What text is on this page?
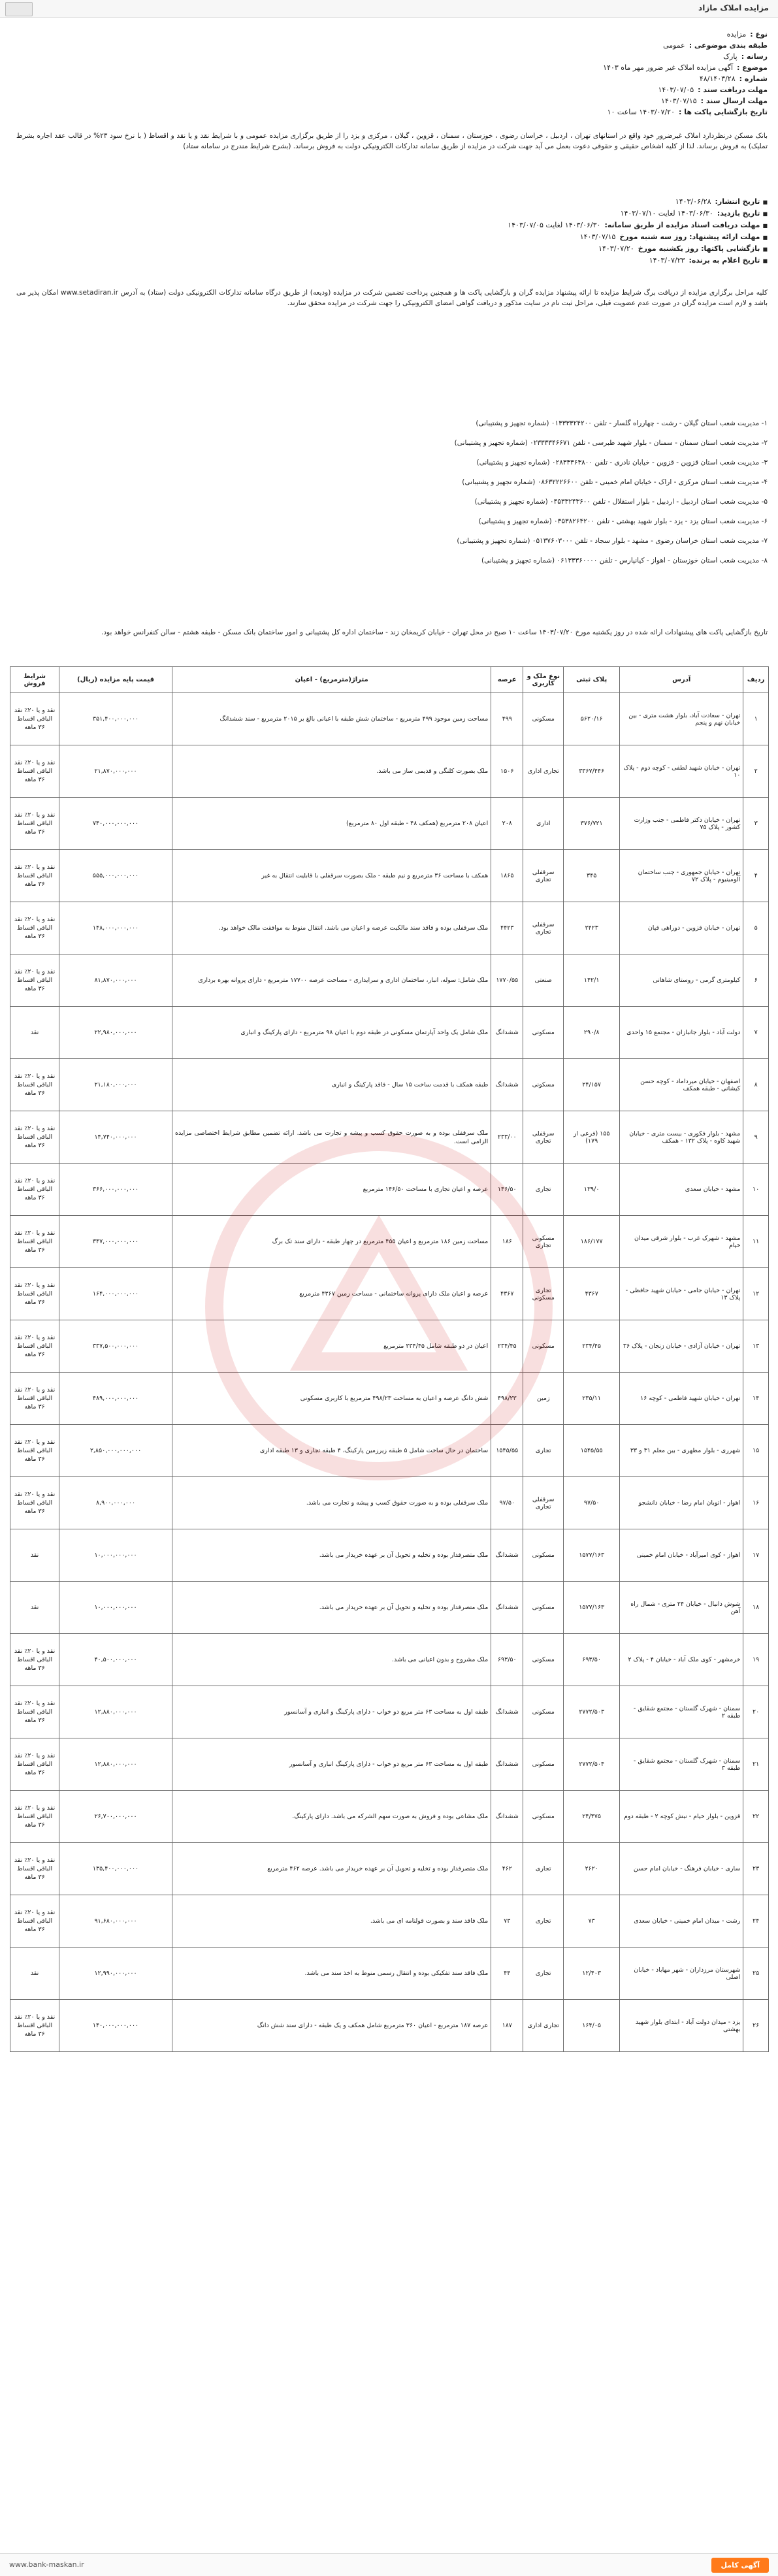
مزایده املاک مازاد
نوع :
مزایده
طبقه بندی موضوعی :
عمومی
رسانه :
پارک
موضوع :
آگهی مزایده املاک غیر ضرور مهر ماه ۱۴۰۳
شماره :
۴۸/۱۴۰۳/۲۸
مهلت دریافت سند :
۱۴۰۳/۰۷/۰۵
مهلت ارسال سند :
۱۴۰۳/۰۷/۱۵
تاریخ بازگشایی پاکت ها :
۱۴۰۳/۰۷/۲۰ ساعت ۱۰
بانک مسکن درنظردارد املاک غیرضرور خود واقع در استانهای تهران ، اردبیل ، خراسان رضوی ، خوزستان ، سمنان ، قزوین ، گیلان ، مرکزی و یزد را از طریق برگزاری مزایده عمومی و با شرایط نقد و یا نقد و اقساط ( با نرخ سود ۲۳% در قالب عقد اجاره بشرط تملیک) به فروش برساند. لذا از کلیه اشخاص حقیقی و حقوقی دعوت بعمل می آید جهت شرکت در مزایده از طریق سامانه تدارکات الکترونیکی دولت به فروش برساند. (بشرح شرایط مندرج در سامانه ستاد)
■ تاریخ انتشار:
۱۴۰۳/۰۶/۲۸
■ تاریخ بازدید:
۱۴۰۳/۰۶/۳۰ لغایت ۱۴۰۳/۰۷/۱۰
■ مهلت دریافت اسناد مزایده از طریق سامانه:
۱۴۰۳/۰۶/۳۰ لغایت ۱۴۰۳/۰۷/۰۵
■ مهلت ارائه پیشنهاد: روز سه شنبه مورخ
۱۴۰۳/۰۷/۱۵
■ بازگشایی پاکتها: روز یکشنبه مورخ
۱۴۰۳/۰۷/۲۰
■ تاریخ اعلام به برنده:
۱۴۰۳/۰۷/۲۳
کلیه مراحل برگزاری مزایده از دریافت برگ شرایط مزایده تا ارائه پیشنهاد مزایده گران و بازگشایی پاکت ها و همچنین پرداخت تضمین شرکت در مزایده (ودیعه) از طریق درگاه سامانه تدارکات الکترونیکی دولت (ستاد) به آدرس www.setadiran.ir امکان پذیر می باشد و لازم است مزایده گران در صورت عدم عضویت قبلی، مراحل ثبت نام در سایت مذکور و دریافت گواهی امضای الکترونیکی را جهت شرکت در مزایده محقق سازند.
۱- مدیریت شعب استان گیلان - رشت - چهارراه گلسار - تلفن ۰۱۳۳۳۳۲۴۲۰۰ (شماره تجهیز و پشتیبانی)
۲- مدیریت شعب استان سمنان - سمنان - بلوار شهید طبرسی - تلفن ۰۲۳۳۳۳۴۶۶۷۱ (شماره تجهیز و پشتیبانی)
۳- مدیریت شعب استان قزوین - قزوین - خیابان نادری - تلفن ۰۲۸۳۳۳۶۳۸۰۰ (شماره تجهیز و پشتیبانی)
۴- مدیریت شعب استان مرکزی - اراک - خیابان امام خمینی - تلفن ۰۸۶۳۲۲۲۶۶۰۰ (شماره تجهیز و پشتیبانی)
۵- مدیریت شعب استان اردبیل - اردبیل - بلوار استقلال - تلفن ۰۴۵۳۳۲۴۳۶۰۰ (شماره تجهیز و پشتیبانی)
۶- مدیریت شعب استان یزد - یزد - بلوار شهید بهشتی - تلفن ۰۳۵۳۸۲۶۴۲۰۰ (شماره تجهیز و پشتیبانی)
۷- مدیریت شعب استان خراسان رضوی - مشهد - بلوار سجاد - تلفن ۰۵۱۳۷۶۰۳۰۰۰ (شماره تجهیز و پشتیبانی)
۸- مدیریت شعب استان خوزستان - اهواز - کیانپارس - تلفن ۰۶۱۳۳۳۶۰۰۰۰ (شماره تجهیز و پشتیبانی)
تاریخ بازگشایی پاکت های پیشنهادات ارائه شده در روز یکشنبه مورخ ۱۴۰۳/۰۷/۲۰ ساعت ۱۰ صبح در محل تهران - خیابان کریمخان زند - ساختمان اداره کل پشتیبانی و امور ساختمان بانک مسکن - طبقه هشتم - سالن کنفرانس خواهد بود.
ردیف	آدرس	پلاک ثبتی	نوع ملک و کاربری	عرصه	متراژ(مترمربع) - اعیان	قیمت پایه مزایده (ریال)	شرایط فروش
۱	تهران - سعادت آباد، بلوار هشت متری - بین خیابان نهم و پنجم	۵۶۲۰/۱۶	مسکونی	۴۹۹	مساحت زمین موجود ۴۹۹ مترمربع - ساختمان شش طبقه با اعیانی بالغ بر ۲۰۱۵ مترمربع - سند ششدانگ	۳۵۱,۴۰۰,۰۰۰,۰۰۰	نقد و یا ۲۰٪ نقد الباقی اقساط ۳۶ ماهه
۲	تهران - خیابان شهید لطفی - کوچه دوم - پلاک ۱۰	۳۳۶۷/۴۴۶	تجاری اداری	۱۵۰۶	ملک بصورت کلنگی و قدیمی ساز می باشد.	۲۱,۸۷۰,۰۰۰,۰۰۰	نقد و یا ۲۰٪ نقد الباقی اقساط ۳۶ ماهه
۳	تهران - خیابان دکتر فاطمی - جنب وزارت کشور - پلاک ۷۵	۳۷۶/۷۲۱	اداری	۲۰۸	اعیان ۲۰۸ مترمربع (همکف ۴۸ - طبقه اول ۸۰ مترمربع)	۷۴۰,۰۰۰,۰۰۰,۰۰۰	نقد و یا ۲۰٪ نقد الباقی اقساط ۳۶ ماهه
۴	تهران - خیابان جمهوری - جنب ساختمان آلومینیوم - پلاک ۷۲	۳۴۵	سرقفلی تجاری	۱۸۶۵	همکف با مساحت ۳۶ مترمربع و نیم طبقه - ملک بصورت سرقفلی با قابلیت انتقال به غیر	۵۵۵,۰۰۰,۰۰۰,۰۰۰	نقد و یا ۲۰٪ نقد الباقی اقساط ۳۶ ماهه
۵	تهران - خیابان قزوین - دوراهی قپان	۲۴۲۳	سرقفلی تجاری	۴۴۲۳	ملک سرقفلی بوده و فاقد سند مالکیت عرصه و اعیان می باشد. انتقال منوط به موافقت مالک خواهد بود.	۱۴۸,۰۰۰,۰۰۰,۰۰۰	نقد و یا ۲۰٪ نقد الباقی اقساط ۳۶ ماهه
۶	کیلومتری گرمی - روستای شاهانی	۱۴۲/۱	صنعتی	۱۷۷۰/۵۵	ملک شامل: سوله، انبار، ساختمان اداری و سرایداری - مساحت عرصه ۱۷۷۰۰ مترمربع - دارای پروانه بهره برداری	۸۱,۸۷۰,۰۰۰,۰۰۰	نقد و یا ۲۰٪ نقد الباقی اقساط ۳۶ ماهه
۷	دولت آباد - بلوار جانبازان - مجتمع ۱۵ واحدی	۲۹۰/۸	مسکونی	ششدانگ	ملک شامل یک واحد آپارتمان مسکونی در طبقه دوم با اعیان ۹۸ مترمربع - دارای پارکینگ و انباری	۲۲,۹۸۰,۰۰۰,۰۰۰	نقد
۸	اصفهان - خیابان میرداماد - کوچه حسن کیشانی - طبقه همکف	۲۴/۱۵۷	مسکونی	ششدانگ	طبقه همکف با قدمت ساخت ۱۵ سال - فاقد پارکینگ و انباری	۲۱,۱۸۰,۰۰۰,۰۰۰	نقد و یا ۲۰٪ نقد الباقی اقساط ۳۶ ماهه
۹	مشهد - بلوار فکوری - بیست متری - خیابان شهید کاوه - پلاک ۱۳۲ - همکف	۱۵۵ (فرعی از ۱۷۹)	سرقفلی تجاری	۲۳۳/۰۰	ملک سرقفلی بوده و به صورت حقوق کسب و پیشه و تجارت می باشد. ارائه تضمین مطابق شرایط اختصاصی مزایده الزامی است.	۱۴,۷۴۰,۰۰۰,۰۰۰	نقد و یا ۲۰٪ نقد الباقی اقساط ۳۶ ماهه
۱۰	مشهد - خیابان سعدی	۱۳۹/۰	تجاری	۱۴۶/۵۰	عرصه و اعیان تجاری با مساحت ۱۴۶/۵۰ مترمربع	۳۶۶,۰۰۰,۰۰۰,۰۰۰	نقد و یا ۲۰٪ نقد الباقی اقساط ۳۶ ماهه
۱۱	مشهد - شهرک غرب - بلوار شرقی میدان خیام	۱۸۶/۱۷۷	مسکونی تجاری	۱۸۶	مساحت زمین ۱۸۶ مترمربع و اعیان ۴۵۵ مترمربع در چهار طبقه - دارای سند تک برگ	۳۴۷,۰۰۰,۰۰۰,۰۰۰	نقد و یا ۲۰٪ نقد الباقی اقساط ۳۶ ماهه
۱۲	تهران - خیابان جامی - خیابان شهید حافظی - پلاک ۱۳	۴۳۶۷	تجاری مسکونی	۴۳۶۷	عرصه و اعیان ملک دارای پروانه ساختمانی - مساحت زمین ۴۳۶۷ مترمربع	۱۶۴,۰۰۰,۰۰۰,۰۰۰	نقد و یا ۲۰٪ نقد الباقی اقساط ۳۶ ماهه
۱۳	تهران - خیابان آزادی - خیابان زنجان - پلاک ۳۶	۲۳۴/۴۵	مسکونی	۲۳۴/۴۵	اعیان در دو طبقه شامل ۲۳۴/۴۵ مترمربع	۳۳۷,۵۰۰,۰۰۰,۰۰۰	نقد و یا ۲۰٪ نقد الباقی اقساط ۳۶ ماهه
۱۴	تهران - خیابان شهید فاطمی - کوچه ۱۶	۲۳۵/۱۱	زمین	۴۹۸/۲۳	شش دانگ عرصه و اعیان به مساحت ۴۹۸/۲۳ مترمربع با کاربری مسکونی	۴۸۹,۰۰۰,۰۰۰,۰۰۰	نقد و یا ۲۰٪ نقد الباقی اقساط ۳۶ ماهه
۱۵	شهرری - بلوار مطهری - بین معلم ۳۱ و ۳۳	۱۵۴۵/۵۵	تجاری	۱۵۴۵/۵۵	ساختمان در حال ساخت شامل ۵ طبقه زیرزمین پارکینگ، ۴ طبقه تجاری و ۱۳ طبقه اداری	۲,۸۵۰,۰۰۰,۰۰۰,۰۰۰	نقد و یا ۲۰٪ نقد الباقی اقساط ۳۶ ماهه
۱۶	اهواز - اتوبان امام رضا - خیابان دانشجو	۹۷/۵۰	سرقفلی تجاری	۹۷/۵۰	ملک سرقفلی بوده و به صورت حقوق کسب و پیشه و تجارت می باشد.	۸,۹۰۰,۰۰۰,۰۰۰	نقد و یا ۲۰٪ نقد الباقی اقساط ۳۶ ماهه
۱۷	اهواز - کوی امیرآباد - خیابان امام خمینی	۱۵۷۷/۱۶۳	مسکونی	ششدانگ	ملک متصرفدار بوده و تخلیه و تحویل آن بر عهده خریدار می باشد.	۱۰,۰۰۰,۰۰۰,۰۰۰	نقد
۱۸	شوش دانیال - خیابان ۲۴ متری - شمال راه آهن	۱۵۷۷/۱۶۳	مسکونی	ششدانگ	ملک متصرفدار بوده و تخلیه و تحویل آن بر عهده خریدار می باشد.	۱۰,۰۰۰,۰۰۰,۰۰۰	نقد
۱۹	خرمشهر - کوی ملک آباد - خیابان ۴ - پلاک ۲	۶۹۳/۵۰	مسکونی	۶۹۳/۵۰	ملک مشروح و بدون اعیانی می باشد.	۴۰,۵۰۰,۰۰۰,۰۰۰	نقد و یا ۲۰٪ نقد الباقی اقساط ۳۶ ماهه
۲۰	سمنان - شهرک گلستان - مجتمع شقایق - طبقه ۲	۲۷۷۲/۵۰۳	مسکونی	ششدانگ	طبقه اول به مساحت ۶۳ متر مربع دو خواب - دارای پارکینگ و انباری و آسانسور	۱۲,۸۸۰,۰۰۰,۰۰۰	نقد و یا ۲۰٪ نقد الباقی اقساط ۳۶ ماهه
۲۱	سمنان - شهرک گلستان - مجتمع شقایق - طبقه ۳	۲۷۷۲/۵۰۴	مسکونی	ششدانگ	طبقه اول به مساحت ۶۳ متر مربع دو خواب - دارای پارکینگ انباری و آسانسور	۱۲,۸۸۰,۰۰۰,۰۰۰	نقد و یا ۲۰٪ نقد الباقی اقساط ۳۶ ماهه
۲۲	قزوین - بلوار خیام - نبش کوچه ۲ - طبقه دوم	۲۴/۴۷۵	مسکونی	ششدانگ	ملک مشاعی بوده و فروش به صورت سهم الشرکه می باشد. دارای پارکینگ.	۲۶,۷۰۰,۰۰۰,۰۰۰	نقد و یا ۲۰٪ نقد الباقی اقساط ۳۶ ماهه
۲۳	ساری - خیابان فرهنگ - خیابان امام حسن	۲۶۲۰	تجاری	۴۶۲	ملک متصرفدار بوده و تخلیه و تحویل آن بر عهده خریدار می باشد. عرصه ۴۶۲ مترمربع	۱۳۵,۴۰۰,۰۰۰,۰۰۰	نقد و یا ۲۰٪ نقد الباقی اقساط ۳۶ ماهه
۲۴	رشت - میدان امام خمینی - خیابان سعدی	۷۳	تجاری	۷۳	ملک فاقد سند و بصورت قولنامه ای می باشد.	۹۱,۶۸۰,۰۰۰,۰۰۰	نقد و یا ۲۰٪ نقد الباقی اقساط ۳۶ ماهه
۲۵	شهرستان مرزداران - شهر مهاباد - خیابان اصلی	۱۲/۴۰۳	تجاری	۴۴	ملک فاقد سند تفکیکی بوده و انتقال رسمی منوط به اخذ سند می باشد.	۱۲,۹۹۰,۰۰۰,۰۰۰	نقد
۲۶	یزد - میدان دولت آباد - ابتدای بلوار شهید بهشتی	۱۶۴/۰۵	تجاری اداری	۱۸۷	عرصه ۱۸۷ مترمربع - اعیان ۳۶۰ مترمربع شامل همکف و یک طبقه - دارای سند شش دانگ	۱۴۰,۰۰۰,۰۰۰,۰۰۰	نقد و یا ۲۰٪ نقد الباقی اقساط ۳۶ ماهه
www.bank-maskan.ir	آگهی کامل
